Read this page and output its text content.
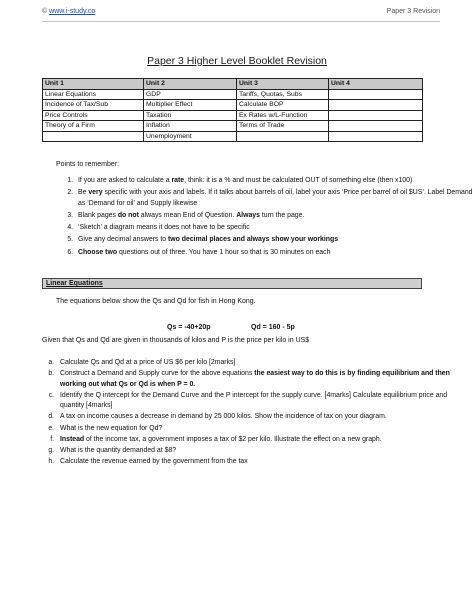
© www.i-study.co	Paper 3 Revision
Paper 3 Higher Level Booklet Revision
Unit 1	Unit 2	Unit 3	Unit 4
Linear Equations	GDP	Tariffs, Quotas, Subs	
Incidence of Tax/Sub	Multiplier Effect	Calculate BOP	
Price Controls	Taxation	Ex Rates w/L-Function	
Theory of a Firm	Inflation	Terms of Trade	
	Unemployment		
Points to remember:
1. If you are asked to calculate a rate, think: it is a % and must be calculated OUT of something else (then x100)
2. Be very specific with your axis and labels. If it talks about barrels of oil, label your axis ‘Price per barrel of oil $US’. Label Demand as ‘Demand for oil’ and Supply likewise
3. Blank pages do not always mean End of Question. Always turn the page.
4. ‘Sketch’ a diagram means it does not have to be specific
5. Give any decimal answers to two decimal places and always show your workings
6. Choose two questions out of three. You have 1 hour so that is 30 minutes on each
Linear Equations
The equations below show the Qs and Qd for fish in Hong Kong.
Qs = -40+20p	Qd = 160 - 5p
Given that Qs and Qd are given in thousands of kilos and P is the price per kilo in US$
a. Calculate Qs and Qd at a price of US $6 per kilo [2marks]
b. Construct a Demand and Supply curve for the above equations the easiest way to do this is by finding equilibrium and then working out what Qs or Qd is when P = 0.
c. Identify the Q intercept for the Demand Curve and the P intercept for the supply curve. [4marks] Calculate equilibrium price and quantity [4marks]
d. A tax on income causes a decrease in demand by 25 000 kilos. Show the incidence of tax on your diagram.
e. What is the new equation for Qd?
f. Instead of the income tax, a government imposes a tax of $2 per kilo. Illustrate the effect on a new graph.
g. What is the quantity demanded at $8?
h. Calculate the revenue earned by the government from the tax
